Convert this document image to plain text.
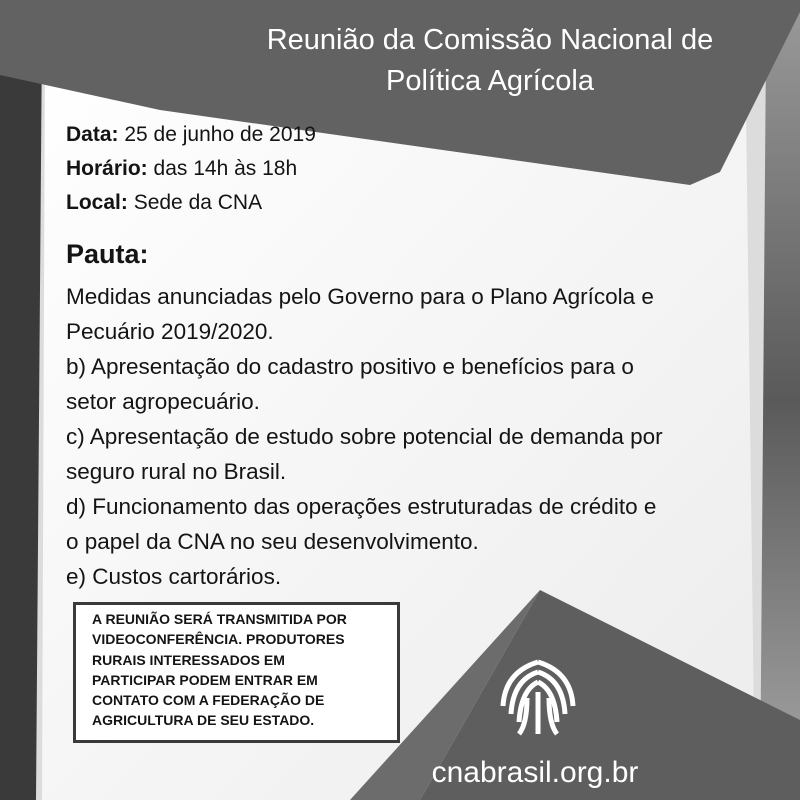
Reunião da Comissão Nacional de
Política Agrícola
Data: 25 de junho de 2019
Horário: das 14h às 18h
Local: Sede da CNA
Pauta:
Medidas anunciadas pelo Governo para o Plano Agrícola e
Pecuário 2019/2020.
b) Apresentação do cadastro positivo e benefícios para o
setor agropecuário.
c) Apresentação de estudo sobre potencial de demanda por
seguro rural no Brasil.
d) Funcionamento das operações estruturadas de crédito e
o papel da CNA no seu desenvolvimento.
e) Custos cartorários.
A REUNIÃO SERÁ TRANSMITIDA POR
VIDEOCONFERÊNCIA. PRODUTORES
RURAIS INTERESSADOS EM
PARTICIPAR PODEM ENTRAR EM
CONTATO COM A FEDERAÇÃO DE
AGRICULTURA DE SEU ESTADO.
cnabrasil.org.br
